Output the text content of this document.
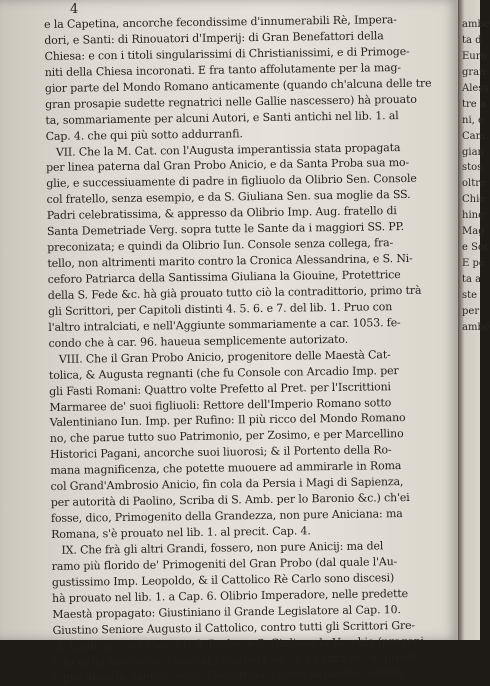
4
e la Capetina, ancorche fecondissime d'innumerabili Rè, Impera-
dori, e Santi: di Rinouatori d'Imperij: di Gran Benefattori della
Chiesa: e con i titoli singularissimi di Christianissimi, e di Primoge-
niti della Chiesa incoronati. E fra tanto affolutamente per la mag-
gior parte del Mondo Romano anticamente (quando ch'alcuna delle tre
gran prosapie sudette regnatrici nelle Gallie nascessero) hà prouato
ta, sommariamente per alcuni Autori, e Santi antichi nel lib. 1. al
Cap. 4. che qui più sotto addurranfi.
VII. Che la M. Cat. con l'Augusta imperantissia stata propagata
per linea paterna dal Gran Probo Anicio, e da Santa Proba sua mo-
glie, e successiuamente di padre in figliuolo da Olibrio Sen. Console
col fratello, senza esempio, e da S. Giuliana Sen. sua moglie da SS.
Padri celebratissima, & appresso da Olibrio Imp. Aug. fratello di
Santa Demetriade Verg. sopra tutte le Sante da i maggiori SS. PP.
preconizata; e quindi da Olibrio Iun. Console senza collega, fra-
tello, non altrimenti marito contro la Cronica Alessandrina, e S. Ni-
ceforo Patriarca della Santissima Giuliana la Giouine, Protettrice
della S. Fede &c. hà già prouato tutto ciò la contradittorio, primo trà
gli Scrittori, per Capitoli distinti 4. 5. 6. e 7. del lib. 1. Pruo con
l'altro intralciati, e nell'Aggiunte sommariamente a car. 1053. fe-
condo che à car. 96. haueua semplicemente autorizato.
VIII. Che il Gran Probo Anicio, progenitore delle Maestà Cat-
tolica, & Augusta regnanti (che fu Console con Arcadio Imp. per
gli Fasti Romani: Quattro volte Prefetto al Pret. per l'Iscrittioni
Marmaree de' suoi figliuoli: Rettore dell'Imperio Romano sotto
Valentiniano Iun. Imp. per Rufino: Il più ricco del Mondo Romano
no, che parue tutto suo Patrimonio, per Zosimo, e per Marcellino
Historici Pagani, ancorche suoi liuorosi; & il Portento della Ro-
mana magnificenza, che potette muouere ad ammirarle in Roma
col Grand'Ambrosio Anicio, fin cola da Persia i Magi di Sapienza,
per autorità di Paolino, Scriba di S. Amb. per lo Baronio &c.) ch'ei
fosse, dico, Primogenito della Grandezza, non pure Aniciana: ma
Romana, s'è prouato nel lib. 1. al precit. Cap. 4.
IX. Che frà gli altri Grandi, fossero, non pure Anicij: ma del
ramo più florido de' Primogeniti del Gran Probo (dal quale l'Au-
gustissimo Imp. Leopoldo, & il Cattolico Rè Carlo sono discesi)
hà prouato nel lib. 1. a Cap. 6. Olibrio Imperadore, nelle predette
Maestà propagato: Giustiniano il Grande Legislatore al Cap. 10.
Giustino Seniore Augusto il Cattolico, contro tutti gli Scrittori Gre-
ci, Latini &c. nel Cap. 11. S. Proba, e S. Giuliana la Vecchia (progeni-
trici delle medesime Maestà) l'vna nel Cap. 5. e l'altra nel 6. precit.
e pur quiui la Santiss. Verg. Demetriade, come la madre sudetta,
ambe
ta d
Euro
gran
Aless
tre a
ni, e
Cam
gian
stos
oltre
Chie
hine
Mag
e Sor
E pe
ta a
ste
per
ambe
